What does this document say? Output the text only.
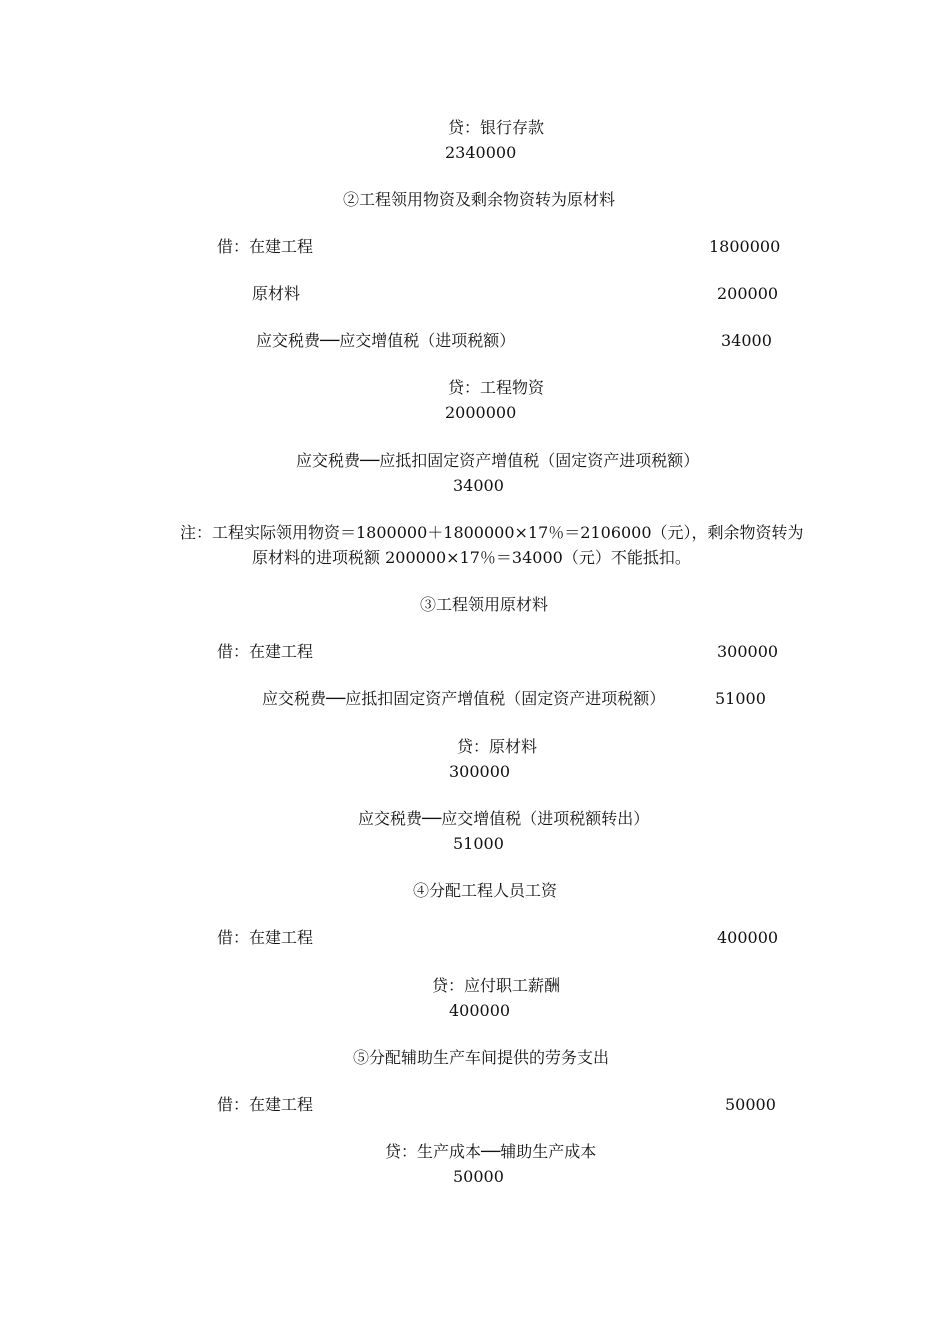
贷：银行存款
2340000
②工程领用物资及剩余物资转为原材料
借：在建工程	1800000
原材料	200000
应交税费──应交增值税（进项税额）	34000
贷：工程物资
2000000
应交税费──应抵扣固定资产增值税（固定资产进项税额）
34000
注：工程实际领用物资＝1800000＋1800000×17％＝2106000（元），剩余物资转为
原材料的进项税额 200000×17％＝34000（元）不能抵扣。
③工程领用原材料
借：在建工程	300000
应交税费──应抵扣固定资产增值税（固定资产进项税额）	51000
贷：原材料
300000
应交税费──应交增值税（进项税额转出）
51000
④分配工程人员工资
借：在建工程	400000
贷：应付职工薪酬
400000
⑤分配辅助生产车间提供的劳务支出
借：在建工程	50000
贷：生产成本──辅助生产成本
50000
